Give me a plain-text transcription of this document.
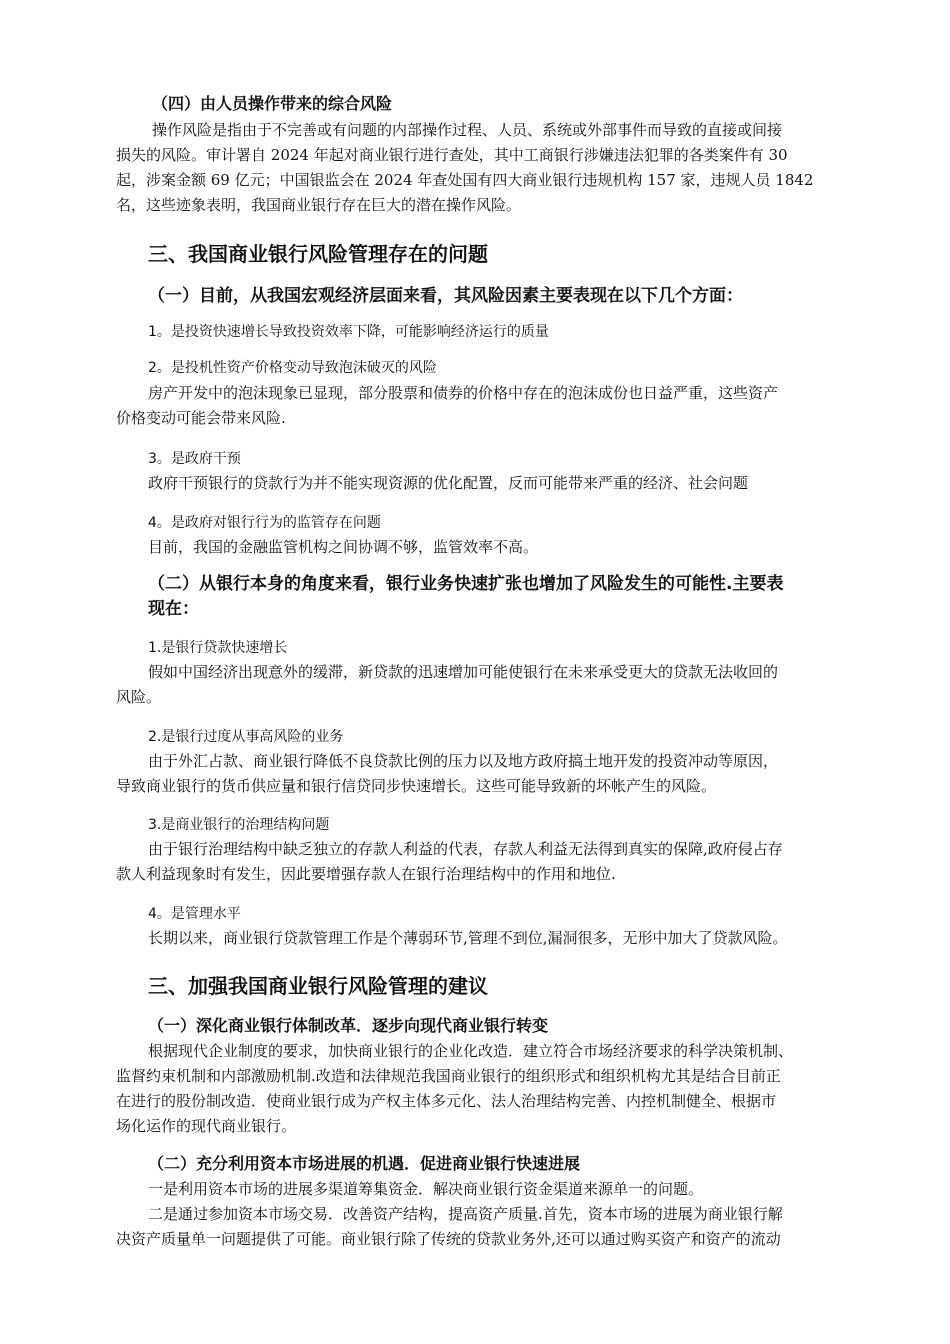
（四）由人员操作带来的综合风险
操作风险是指由于不完善或有问题的内部操作过程、人员、系统或外部事件而导致的直接或间接
损失的风险。审计署自 2024 年起对商业银行进行查处，其中工商银行涉嫌违法犯罪的各类案件有 30
起，涉案金额 69 亿元；中国银监会在 2024 年查处国有四大商业银行违规机构 157 家，违规人员 1842
名，这些迹象表明，我国商业银行存在巨大的潜在操作风险。
三、我国商业银行风险管理存在的问题
（一）目前，从我国宏观经济层面来看，其风险因素主要表现在以下几个方面：
1。是投资快速增长导致投资效率下降，可能影响经济运行的质量
2。是投机性资产价格变动导致泡沫破灭的风险
房产开发中的泡沫现象已显现，部分股票和债券的价格中存在的泡沫成份也日益严重，这些资产
价格变动可能会带来风险.
3。是政府干预
政府干预银行的贷款行为并不能实现资源的优化配置，反而可能带来严重的经济、社会问题
4。是政府对银行行为的监管存在问题
目前，我国的金融监管机构之间协调不够，监管效率不高。
（二）从银行本身的角度来看，银行业务快速扩张也增加了风险发生的可能性.主要表
现在：
1.是银行贷款快速增长
假如中国经济出现意外的缓滞，新贷款的迅速增加可能使银行在未来承受更大的贷款无法收回的
风险。
2.是银行过度从事高风险的业务
由于外汇占款、商业银行降低不良贷款比例的压力以及地方政府搞土地开发的投资冲动等原因，
导致商业银行的货币供应量和银行信贷同步快速增长。这些可能导致新的坏帐产生的风险。
3.是商业银行的治理结构问题
由于银行治理结构中缺乏独立的存款人利益的代表，存款人利益无法得到真实的保障,政府侵占存
款人利益现象时有发生，因此要增强存款人在银行治理结构中的作用和地位.
4。是管理水平
长期以来，商业银行贷款管理工作是个薄弱环节,管理不到位,漏洞很多，无形中加大了贷款风险。
三、加强我国商业银行风险管理的建议
（一）深化商业银行体制改革．逐步向现代商业银行转变
根据现代企业制度的要求，加快商业银行的企业化改造．建立符合市场经济要求的科学决策机制、
监督约束机制和内部激励机制.改造和法律规范我国商业银行的组织形式和组织机构尤其是结合目前正
在进行的股份制改造．使商业银行成为产权主体多元化、法人治理结构完善、内控机制健全、根据市
场化运作的现代商业银行。
（二）充分利用资本市场进展的机遇．促进商业银行快速进展
一是利用资本市场的进展多渠道筹集资金．解决商业银行资金渠道来源单一的问题。
二是通过参加资本市场交易．改善资产结构，提高资产质量.首先，资本市场的进展为商业银行解
决资产质量单一问题提供了可能。商业银行除了传统的贷款业务外,还可以通过购买资产和资产的流动
